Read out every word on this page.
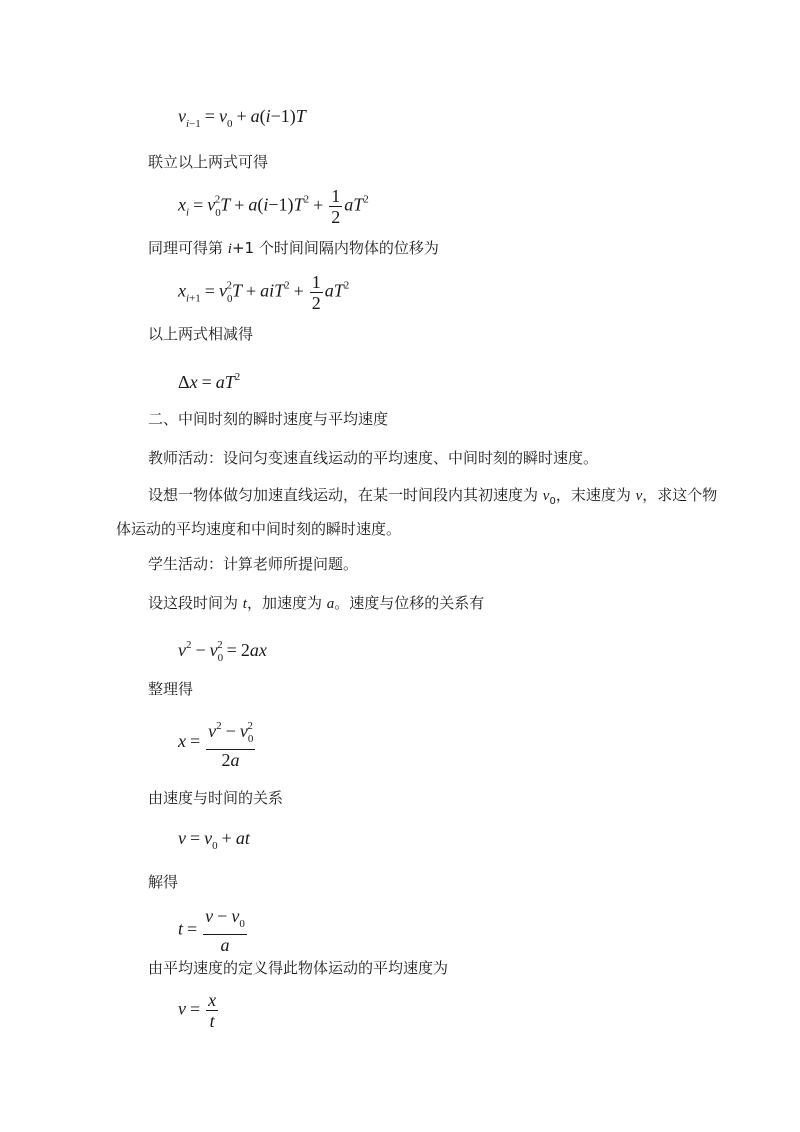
$v_{i-1} = v_0 + a(i-1)T$
联立以上两式可得
$x_i = v_0^2T + a(i-1)T^2 + \frac{1}{2} aT^2$
同理可得第 i+1 个时间间隔内物体的位移为
$x_{i+1} = v_0^2T + aiT^2 + \frac{1}{2} aT^2$
以上两式相减得
$\Delta x = aT^2$
二、中间时刻的瞬时速度与平均速度
教师活动：设问匀变速直线运动的平均速度、中间时刻的瞬时速度。
设想一物体做匀加速直线运动，在某一时间段内其初速度为 $v_0$，末速度为 v，求这个物
体运动的平均速度和中间时刻的瞬时速度。
学生活动：计算老师所提问题。
设这段时间为 t，加速度为 a。速度与位移的关系有
$v^2 - v_0^2 = 2ax$
整理得
$x = \frac{v^2 - v_0^2}{2a}$
由速度与时间的关系
$v = v_0$ + at
解得
$t = \frac{v - v_0}{a}$
由平均速度的定义得此物体运动的平均速度为
$v = \frac{x}{t}$
